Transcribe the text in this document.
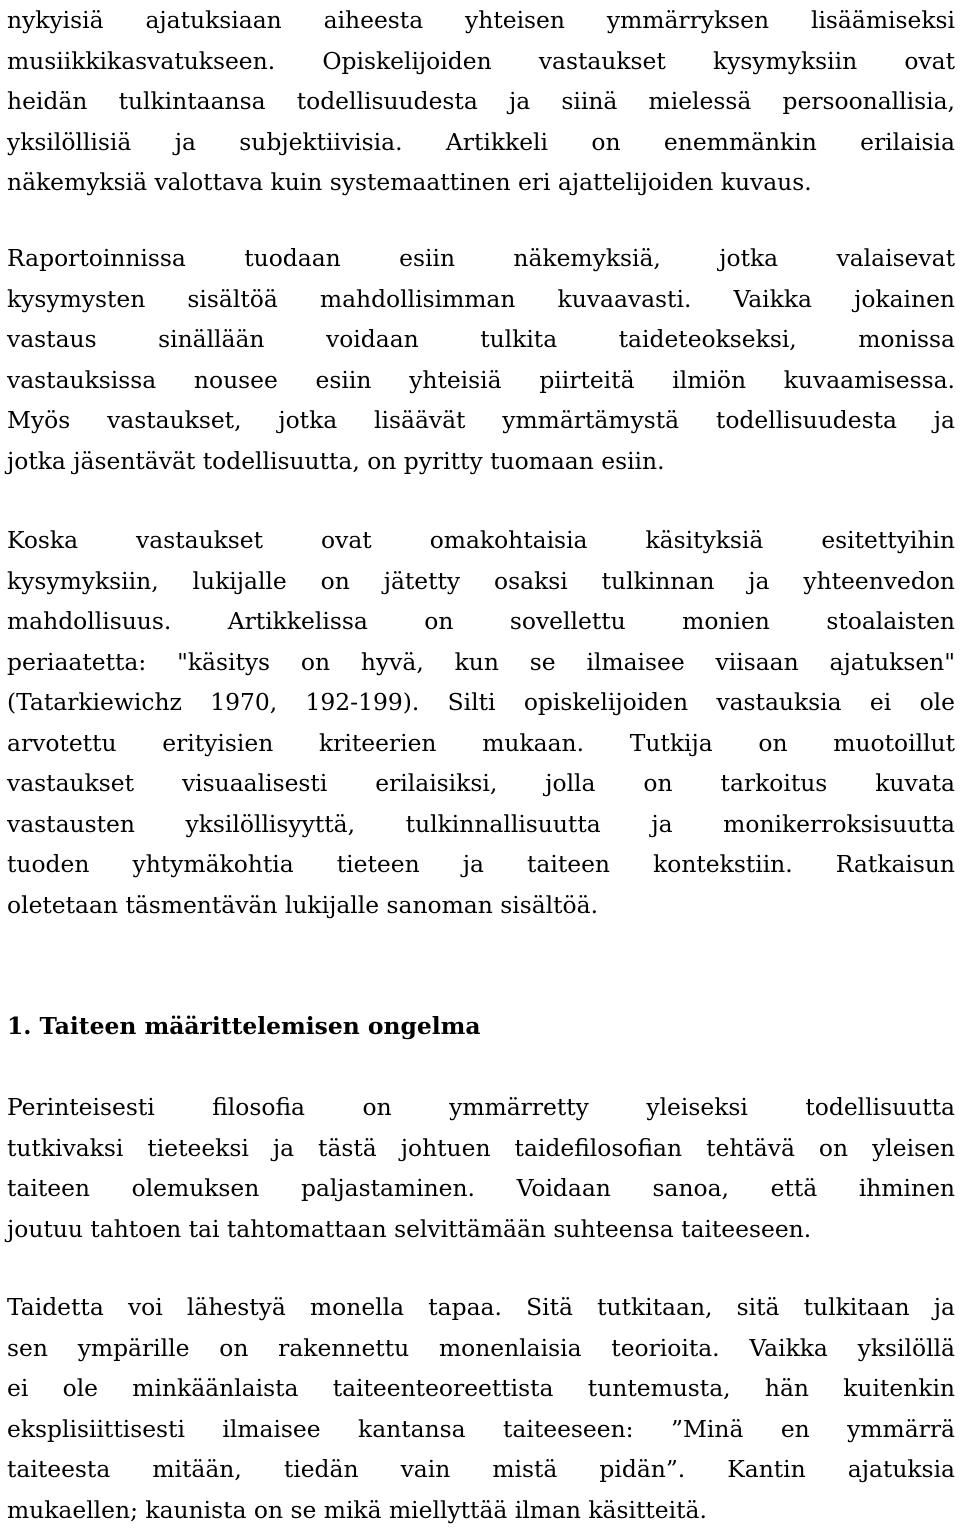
nykyisiä ajatuksiaan aiheesta yhteisen ymmärryksen lisäämiseksi
musiikkikasvatukseen. Opiskelijoiden vastaukset kysymyksiin ovat
heidän tulkintaansa todellisuudesta ja siinä mielessä persoonallisia,
yksilöllisiä ja subjektiivisia. Artikkeli on enemmänkin erilaisia
näkemyksiä valottava kuin systemaattinen eri ajattelijoiden kuvaus.
Raportoinnissa tuodaan esiin näkemyksiä, jotka valaisevat
kysymysten sisältöä mahdollisimman kuvaavasti. Vaikka jokainen
vastaus sinällään voidaan tulkita taideteokseksi, monissa
vastauksissa nousee esiin yhteisiä piirteitä ilmiön kuvaamisessa.
Myös vastaukset, jotka lisäävät ymmärtämystä todellisuudesta ja
jotka jäsentävät todellisuutta, on pyritty tuomaan esiin.
Koska vastaukset ovat omakohtaisia käsityksiä esitettyihin
kysymyksiin, lukijalle on jätetty osaksi tulkinnan ja yhteenvedon
mahdollisuus. Artikkelissa on sovellettu monien stoalaisten
periaatetta: "käsitys on hyvä, kun se ilmaisee viisaan ajatuksen"
(Tatarkiewichz 1970, 192-199). Silti opiskelijoiden vastauksia ei ole
arvotettu erityisien kriteerien mukaan. Tutkija on muotoillut
vastaukset visuaalisesti erilaisiksi, jolla on tarkoitus kuvata
vastausten yksilöllisyyttä, tulkinnallisuutta ja monikerroksisuutta
tuoden yhtymäkohtia tieteen ja taiteen kontekstiin. Ratkaisun
oletetaan täsmentävän lukijalle sanoman sisältöä.
1. Taiteen määrittelemisen ongelma
Perinteisesti filosofia on ymmärretty yleiseksi todellisuutta
tutkivaksi tieteeksi ja tästä johtuen taidefilosofian tehtävä on yleisen
taiteen olemuksen paljastaminen. Voidaan sanoa, että ihminen
joutuu tahtoen tai tahtomattaan selvittämään suhteensa taiteeseen.
Taidetta voi lähestyä monella tapaa. Sitä tutkitaan, sitä tulkitaan ja
sen ympärille on rakennettu monenlaisia teorioita. Vaikka yksilöllä
ei ole minkäänlaista taiteenteoreettista tuntemusta, hän kuitenkin
eksplisiittisesti ilmaisee kantansa taiteeseen: ”Minä en ymmärrä
taiteesta mitään, tiedän vain mistä pidän”. Kantin ajatuksia
mukaellen; kaunista on se mikä miellyttää ilman käsitteitä.
